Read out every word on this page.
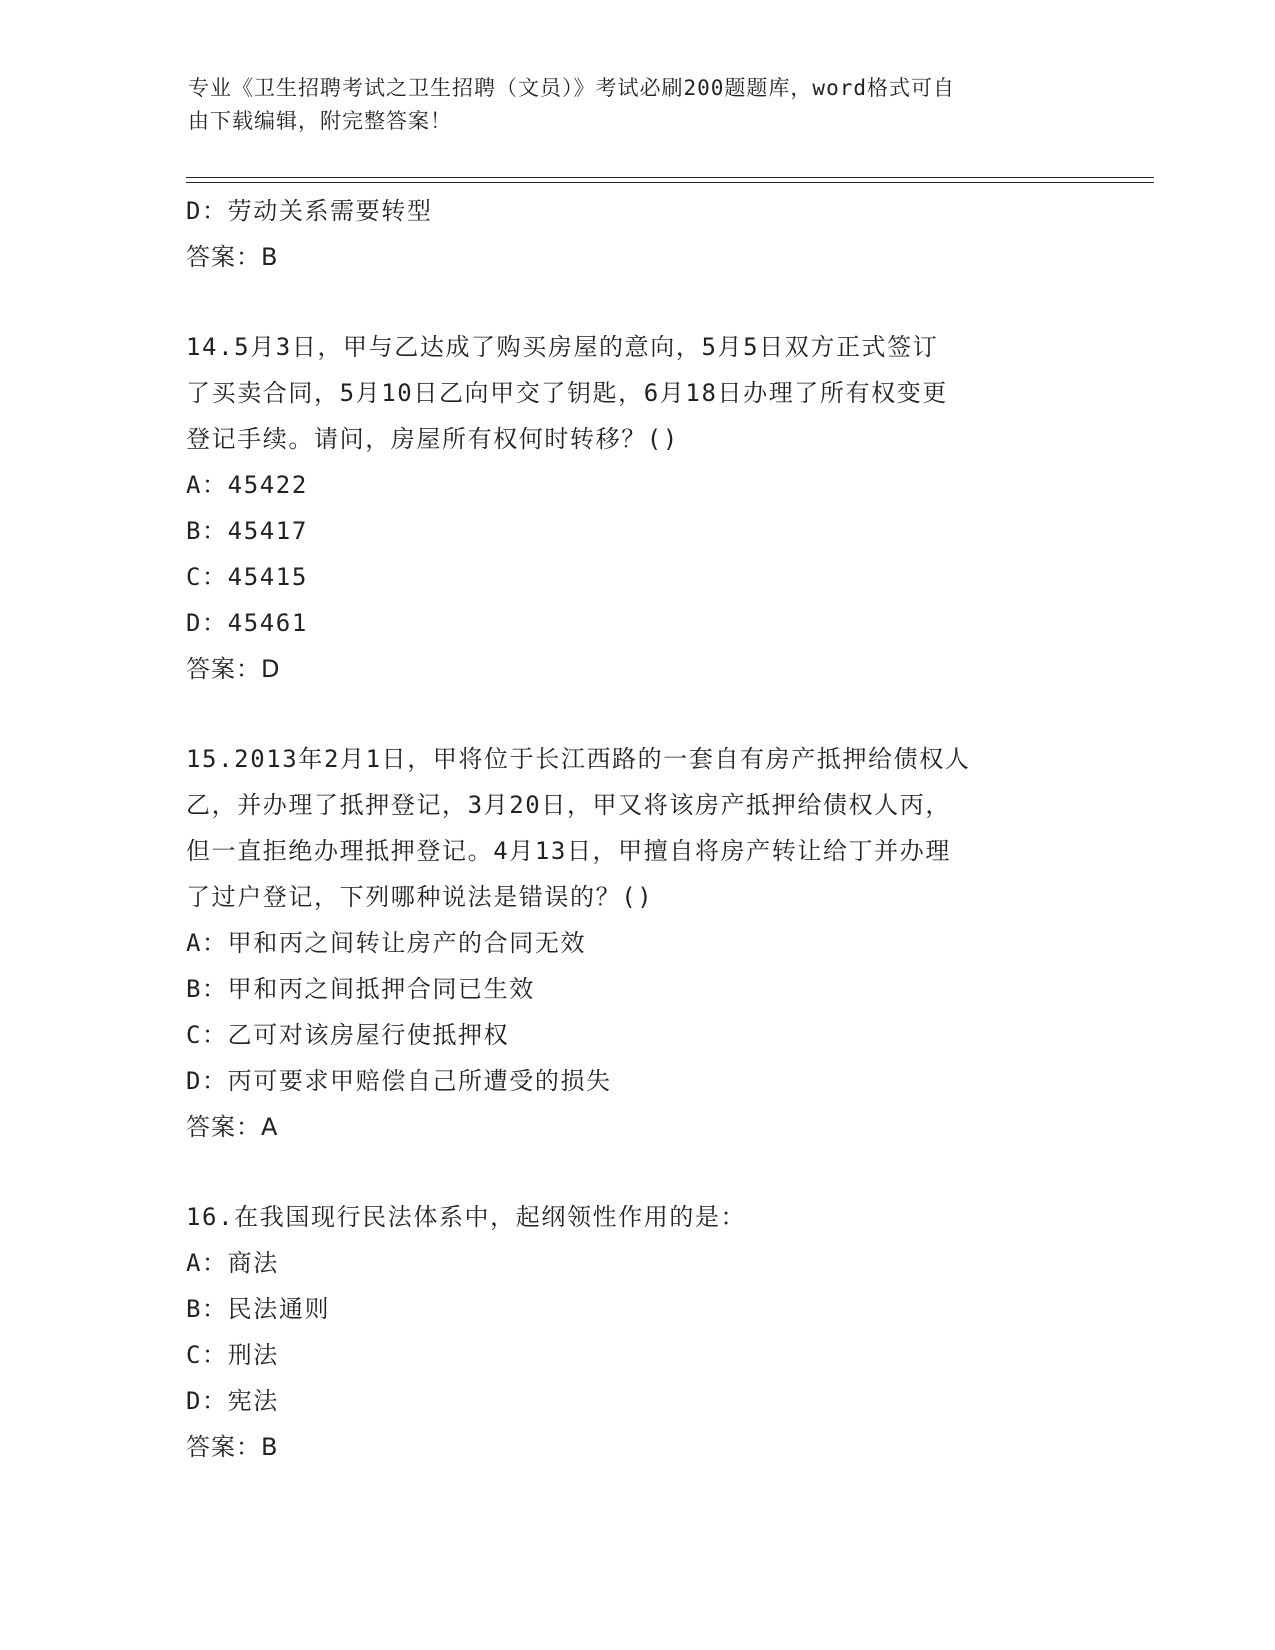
专业《卫生招聘考试之卫生招聘（文员）》考试必刷200题题库，word格式可自
由下载编辑，附完整答案！
D：劳动关系需要转型
答案：B
14.5月3日，甲与乙达成了购买房屋的意向，5月5日双方正式签订
了买卖合同，5月10日乙向甲交了钥匙，6月18日办理了所有权变更
登记手续。请问，房屋所有权何时转移？()
A：45422
B：45417
C：45415
D：45461
答案：D
15.2013年2月1日，甲将位于长江西路的一套自有房产抵押给债权人
乙，并办理了抵押登记，3月20日，甲又将该房产抵押给债权人丙，
但一直拒绝办理抵押登记。4月13日，甲擅自将房产转让给丁并办理
了过户登记，下列哪种说法是错误的？()
A：甲和丙之间转让房产的合同无效
B：甲和丙之间抵押合同已生效
C：乙可对该房屋行使抵押权
D：丙可要求甲赔偿自己所遭受的损失
答案：A
16.在我国现行民法体系中，起纲领性作用的是：
A：商法
B：民法通则
C：刑法
D：宪法
答案：B
